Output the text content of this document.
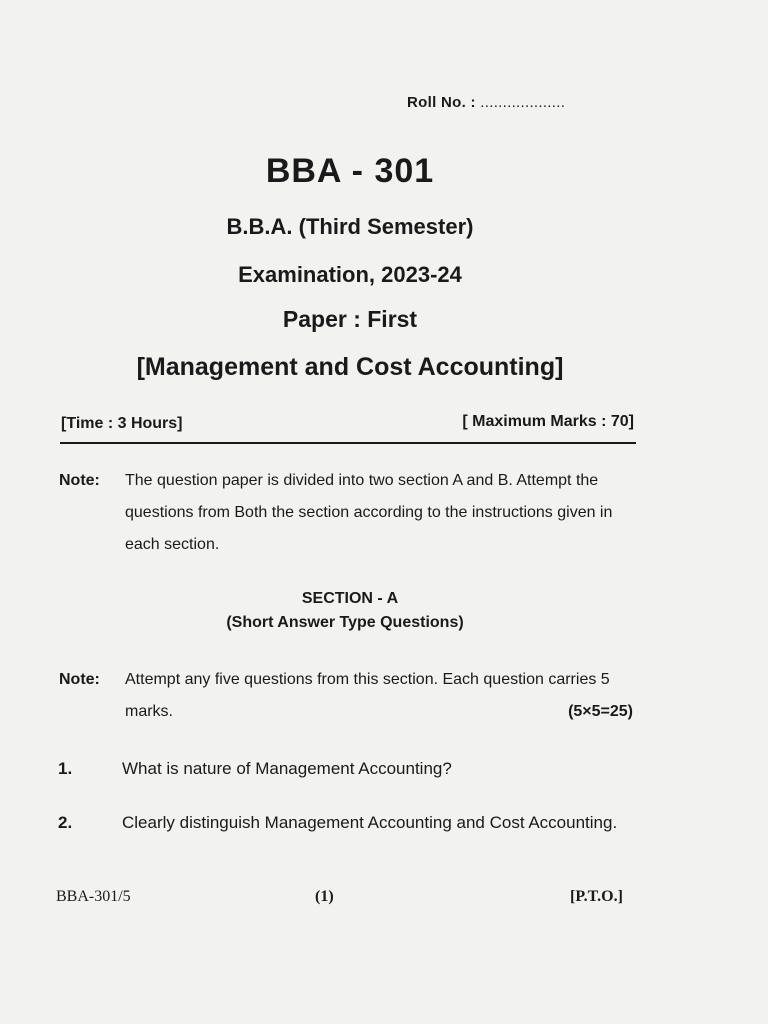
Roll No. : ...................
BBA - 301
B.B.A. (Third Semester)
Examination, 2023-24
Paper : First
[Management and Cost Accounting]
[Time : 3 Hours]	[ Maximum Marks : 70]
Note: The question paper is divided into two section A and B. Attempt the questions from Both the section according to the instructions given in each section.
SECTION - A
(Short Answer Type Questions)
Note: Attempt any five questions from this section. Each question carries 5 marks.	(5×5=25)
1.	What is nature of Management Accounting?
2.	Clearly distinguish Management Accounting and Cost Accounting.
BBA-301/5	(1)	[P.T.O.]
